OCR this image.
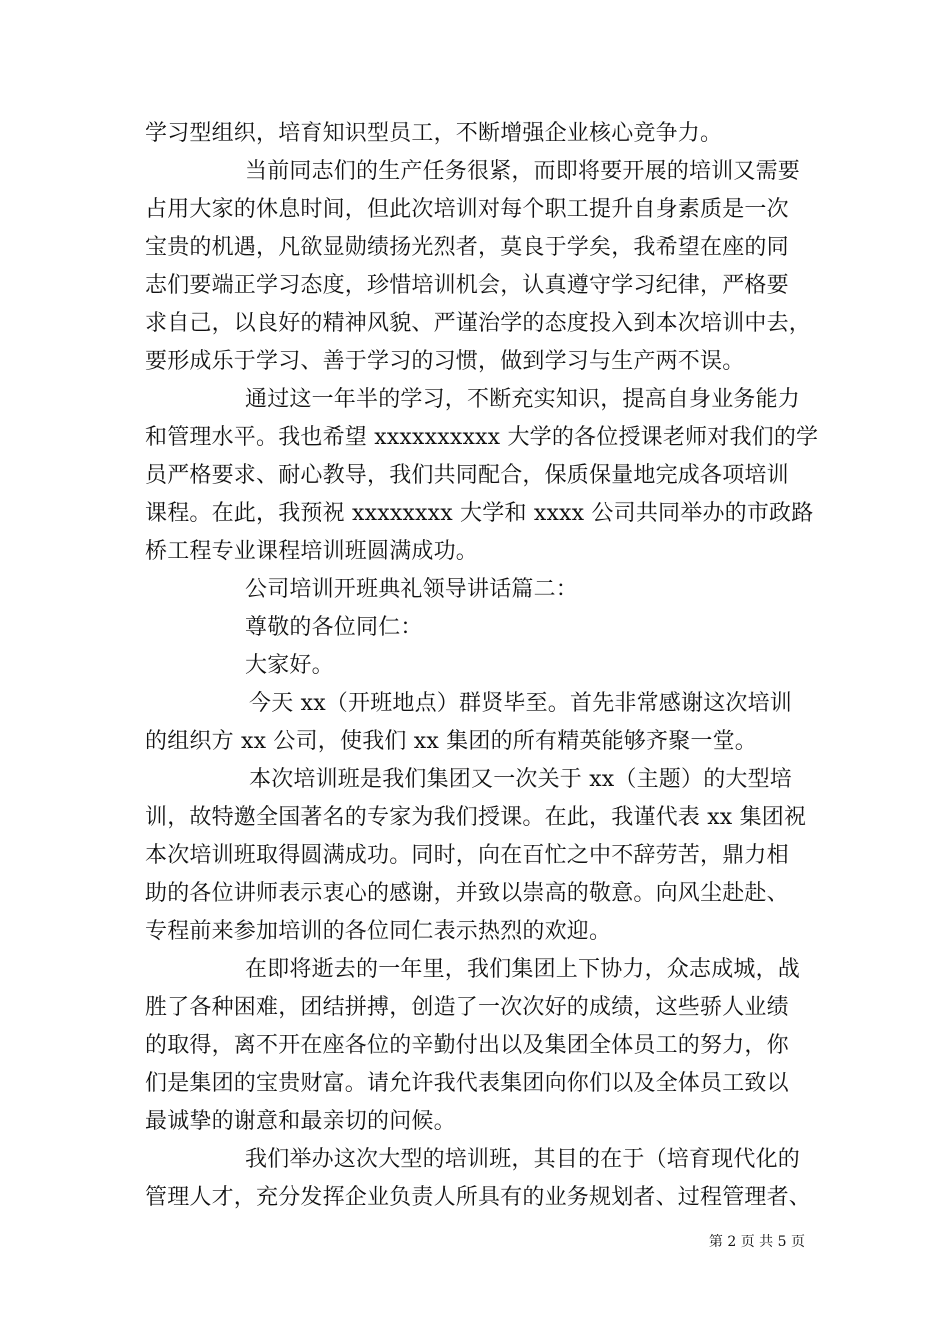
学习型组织，培育知识型员工，不断增强企业核心竞争力。
当前同志们的生产任务很紧，而即将要开展的培训又需要
占用大家的休息时间，但此次培训对每个职工提升自身素质是一次
宝贵的机遇，凡欲显勋绩扬光烈者，莫良于学矣，我希望在座的同
志们要端正学习态度，珍惜培训机会，认真遵守学习纪律，严格要
求自己，以良好的精神风貌、严谨治学的态度投入到本次培训中去，
要形成乐于学习、善于学习的习惯，做到学习与生产两不误。
通过这一年半的学习，不断充实知识，提高自身业务能力
和管理水平。我也希望 xxxxxxxxxx 大学的各位授课老师对我们的学
员严格要求、耐心教导，我们共同配合，保质保量地完成各项培训
课程。在此，我预祝 xxxxxxxx 大学和 xxxx 公司共同举办的市政路
桥工程专业课程培训班圆满成功。
公司培训开班典礼领导讲话篇二：
尊敬的各位同仁：
大家好。
今天 xx（开班地点）群贤毕至。首先非常感谢这次培训
的组织方 xx 公司，使我们 xx 集团的所有精英能够齐聚一堂。
本次培训班是我们集团又一次关于 xx（主题）的大型培
训，故特邀全国著名的专家为我们授课。在此，我谨代表 xx 集团祝
本次培训班取得圆满成功。同时，向在百忙之中不辞劳苦，鼎力相
助的各位讲师表示衷心的感谢，并致以崇高的敬意。向风尘赴赴、
专程前来参加培训的各位同仁表示热烈的欢迎。
在即将逝去的一年里，我们集团上下协力，众志成城，战
胜了各种困难，团结拼搏，创造了一次次好的成绩，这些骄人业绩
的取得，离不开在座各位的辛勤付出以及集团全体员工的努力，你
们是集团的宝贵财富。请允许我代表集团向你们以及全体员工致以
最诚挚的谢意和最亲切的问候。
我们举办这次大型的培训班，其目的在于（培育现代化的
管理人才，充分发挥企业负责人所具有的业务规划者、过程管理者、
第 2 页 共 5 页
